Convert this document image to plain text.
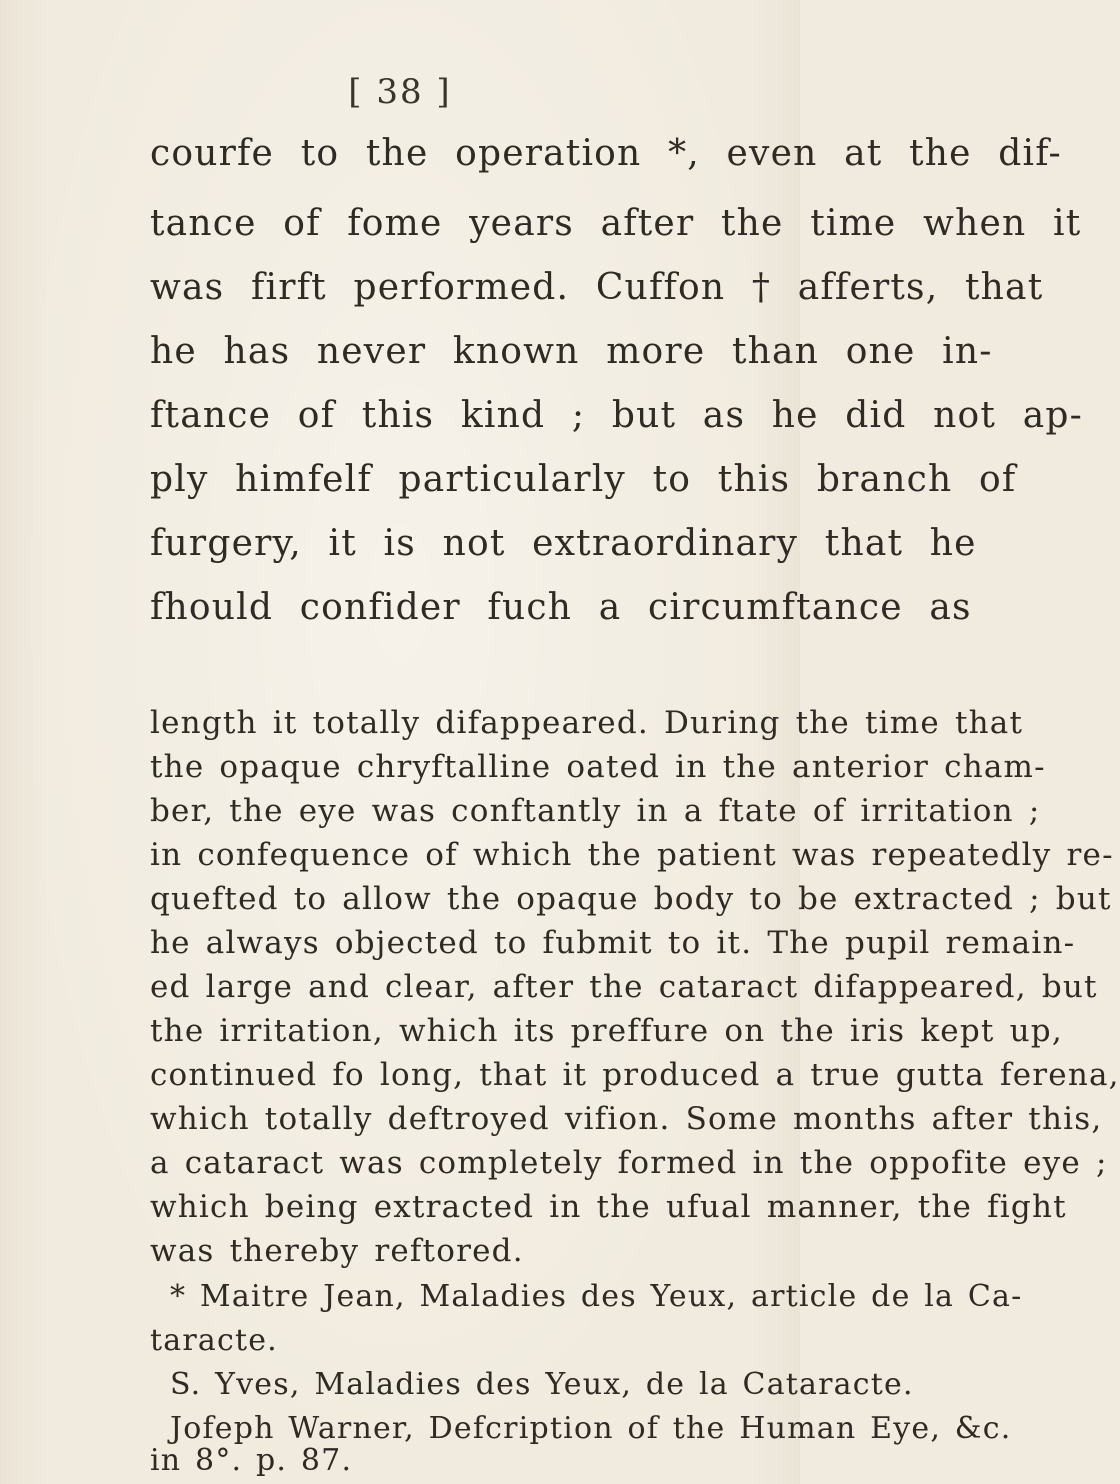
[ 38 ]
courfe to the operation *, even at the dif-
tance of fome years after the time when it
was firft performed. Cuffon † afferts, that
he has never known more than one in-
ftance of this kind ; but as he did not ap-
ply himfelf particularly to this branch of
furgery, it is not extraordinary that he
fhould confider fuch a circumftance as
length it totally difappeared. During the time that
the opaque chryftalline oated in the anterior cham-
ber, the eye was conftantly in a ftate of irritation ;
in confequence of which the patient was repeatedly re-
quefted to allow the opaque body to be extracted ; but
he always objected to fubmit to it. The pupil remain-
ed large and clear, after the cataract difappeared, but
the irritation, which its preffure on the iris kept up,
continued fo long, that it produced a true gutta ferena,
which totally deftroyed vifion. Some months after this,
a cataract was completely formed in the oppofite eye ;
which being extracted in the ufual manner, the fight
was thereby reftored.
* Maitre Jean, Maladies des Yeux, article de la Ca-
taracte.
S. Yves, Maladies des Yeux, de la Cataracte.
Jofeph Warner, Defcription of the Human Eye, &c.
in 8°. p. 87.
